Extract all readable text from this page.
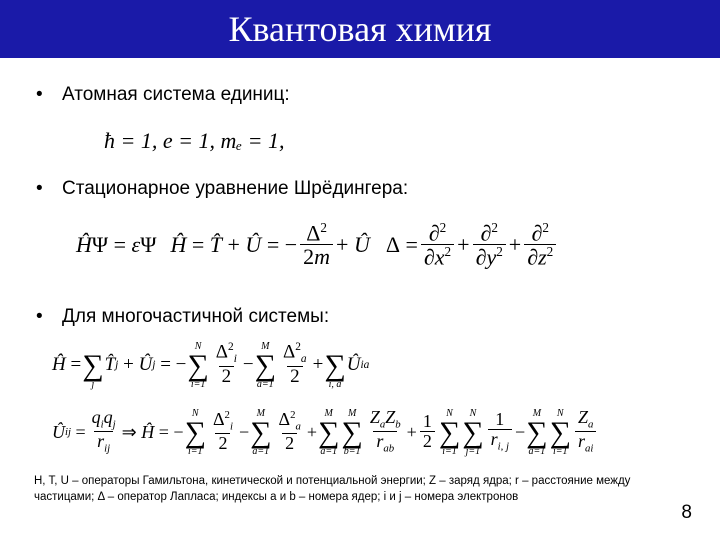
Квантовая химия
•	Атомная система единиц:
ħ = 1, e = 1, mₑ = 1,
•	Стационарное уравнение Шрёдингера:
Ĥ Ψ = ε Ψ Ĥ = T̂ + Û = − $\frac{\Delta^2}{2m}$ + Û $\Delta = \frac{\partial^2}{\partial x^2} + \frac{\partial^2}{\partial y^2} + \frac{\partial^2}{\partial z^2}$
•	Для многочастичной системы:
Ĥ =
∑
j
T̂ j + Û j = −
N
∑
$i=1 \frac{\Delta^2_i}{2}$ −
M
∑
$a=1 \frac{\Delta^2_a}{2}$ +
∑
i, a
Û ia
Û ij = $\frac{q_iq_j}{r_{ij}}$ ⇒ Ĥ = −
N
∑
$i=1 \frac{\Delta^2_i}{2}$ −
M
∑
$a=1 \frac{\Delta^2_a}{2}$ +
M
∑
a=1
M
∑
$b=1 \frac{Z_aZ_b}{r_{ab}} + \frac{1}{2}$ N
∑
i=1
N
∑
$j=1 \frac{1}{r_{i, j}}$ −
M
∑
a=1
N
∑
$i=1 \frac{Z_a}{r_{ai}}$
H, T, U – операторы Гамильтона, кинетической и потенциальной энергии; Z – заряд ядра; r – расстояние между частицами; Δ – оператор Лапласа; индексы a и b – номера ядер; i и j – номера электронов
8
